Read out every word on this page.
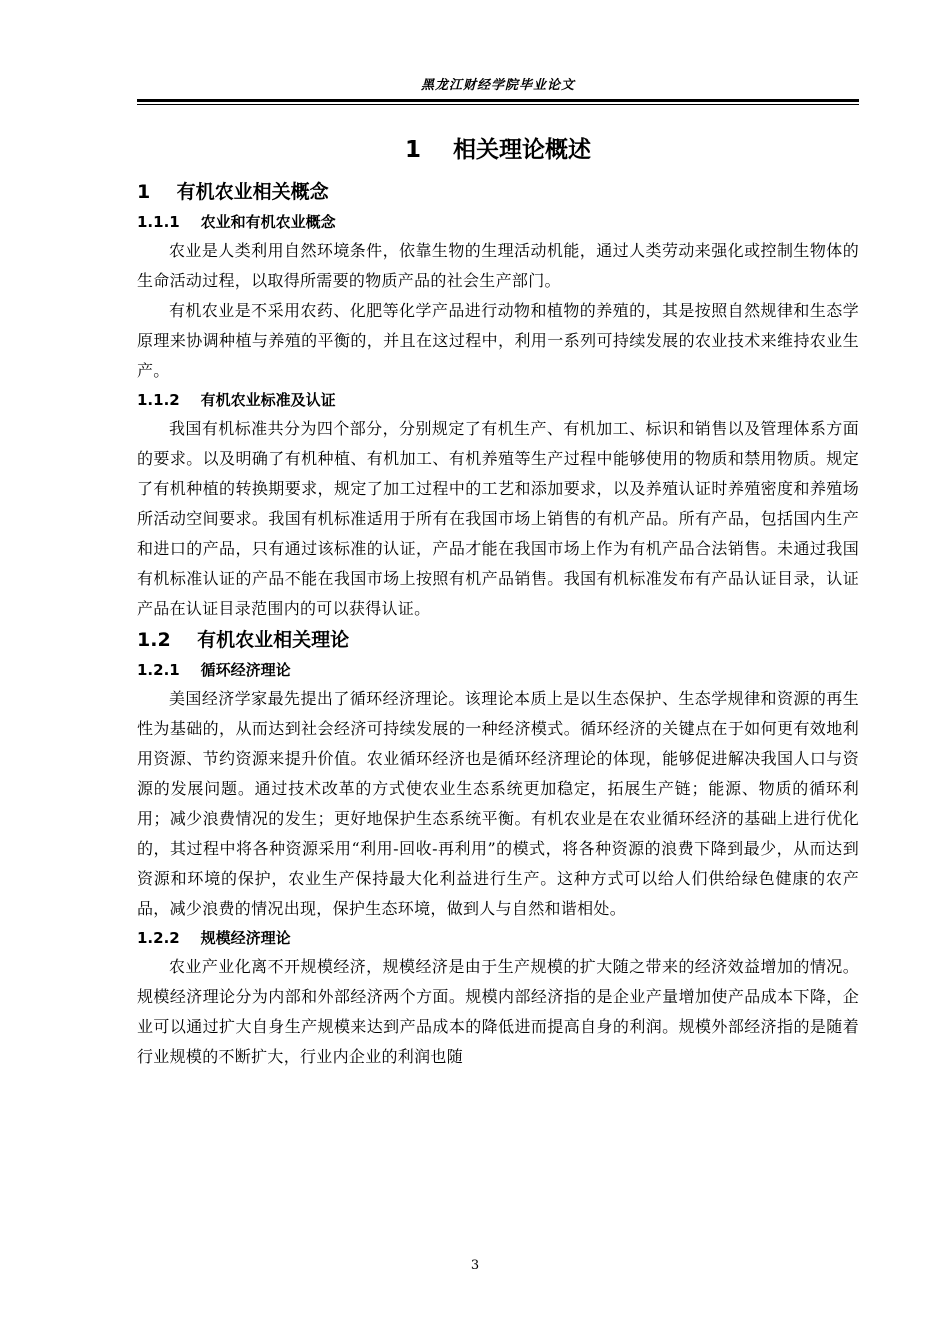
黑龙江财经学院毕业论文
1    相关理论概述
1    有机农业相关概念
1.1.1    农业和有机农业概念

农业是人类利用自然环境条件，依靠生物的生理活动机能，通过人类劳动来强化或控制生物体的生命活动过程，以取得所需要的物质产品的社会生产部门。

有机农业是不采用农药、化肥等化学产品进行动物和植物的养殖的，其是按照自然规律和生态学原理来协调种植与养殖的平衡的，并且在这过程中，利用一系列可持续发展的农业技术来维持农业生产。

1.1.2    有机农业标准及认证

我国有机标准共分为四个部分，分别规定了有机生产、有机加工、标识和销售以及管理体系方面的要求。以及明确了有机种植、有机加工、有机养殖等生产过程中能够使用的物质和禁用物质。规定了有机种植的转换期要求，规定了加工过程中的工艺和添加要求，以及养殖认证时养殖密度和养殖场所活动空间要求。我国有机标准适用于所有在我国市场上销售的有机产品。所有产品，包括国内生产和进口的产品，只有通过该标准的认证，产品才能在我国市场上作为有机产品合法销售。未通过我国有机标准认证的产品不能在我国市场上按照有机产品销售。我国有机标准发布有产品认证目录，认证产品在认证目录范围内的可以获得认证。

1.2    有机农业相关理论
1.2.1    循环经济理论

美国经济学家最先提出了循环经济理论。该理论本质上是以生态保护、生态学规律和资源的再生性为基础的，从而达到社会经济可持续发展的一种经济模式。循环经济的关键点在于如何更有效地利用资源、节约资源来提升价值。农业循环经济也是循环经济理论的体现，能够促进解决我国人口与资源的发展问题。通过技术改革的方式使农业生态系统更加稳定，拓展生产链；能源、物质的循环利用；减少浪费情况的发生；更好地保护生态系统平衡。有机农业是在农业循环经济的基础上进行优化的，其过程中将各种资源采用“利用-回收-再利用”的模式，将各种资源的浪费下降到最少，从而达到资源和环境的保护，农业生产保持最大化利益进行生产。这种方式可以给人们供给绿色健康的农产品，减少浪费的情况出现，保护生态环境，做到人与自然和谐相处。

1.2.2    规模经济理论

农业产业化离不开规模经济，规模经济是由于生产规模的扩大随之带来的经济效益增加的情况。规模经济理论分为内部和外部经济两个方面。规模内部经济指的是企业产量增加使产品成本下降，企业可以通过扩大自身生产规模来达到产品成本的降低进而提高自身的利润。规模外部经济指的是随着行业规模的不断扩大，行业内企业的利润也随

3
